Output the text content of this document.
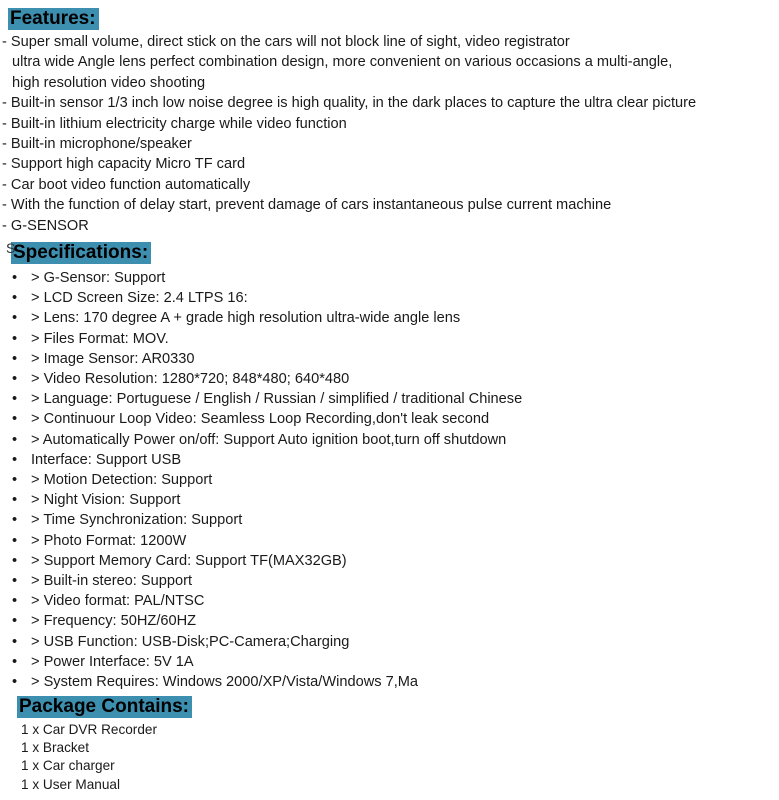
Features:
- Super small volume, direct stick on the cars will not block line of sight, video registrator
ultra wide Angle lens perfect combination design, more convenient on various occasions a multi-angle,
high resolution video shooting
- Built-in sensor 1/3 inch low noise degree is high quality, in the dark places to capture the ultra clear picture
- Built-in lithium electricity charge while video function
- Built-in microphone/speaker
- Support high capacity Micro TF card
- Car boot video function automatically
- With the function of delay start, prevent damage of cars instantaneous pulse current machine
- G-SENSOR
S
Specifications:
• > G-Sensor: Support
• > LCD Screen Size: 2.4 LTPS 16:
• > Lens: 170 degree A + grade high resolution ultra-wide angle lens
• > Files Format: MOV.
• > Image Sensor: AR0330
• > Video Resolution: 1280*720; 848*480; 640*480
• > Language: Portuguese / English / Russian / simplified / traditional Chinese
• > Continuour Loop Video: Seamless Loop Recording,don't leak second
• > Automatically Power on/off: Support Auto ignition boot,turn off shutdown
• Interface: Support USB
• > Motion Detection: Support
• > Night Vision: Support
• > Time Synchronization: Support
• > Photo Format: 1200W
• > Support Memory Card: Support TF(MAX32GB)
• > Built-in stereo: Support
• > Video format: PAL/NTSC
• > Frequency: 50HZ/60HZ
• > USB Function: USB-Disk;PC-Camera;Charging
• > Power Interface: 5V 1A
• > System Requires: Windows 2000/XP/Vista/Windows 7,Ma
Package Contains:
1 x Car DVR Recorder
1 x Bracket
1 x Car charger
1 x User Manual
